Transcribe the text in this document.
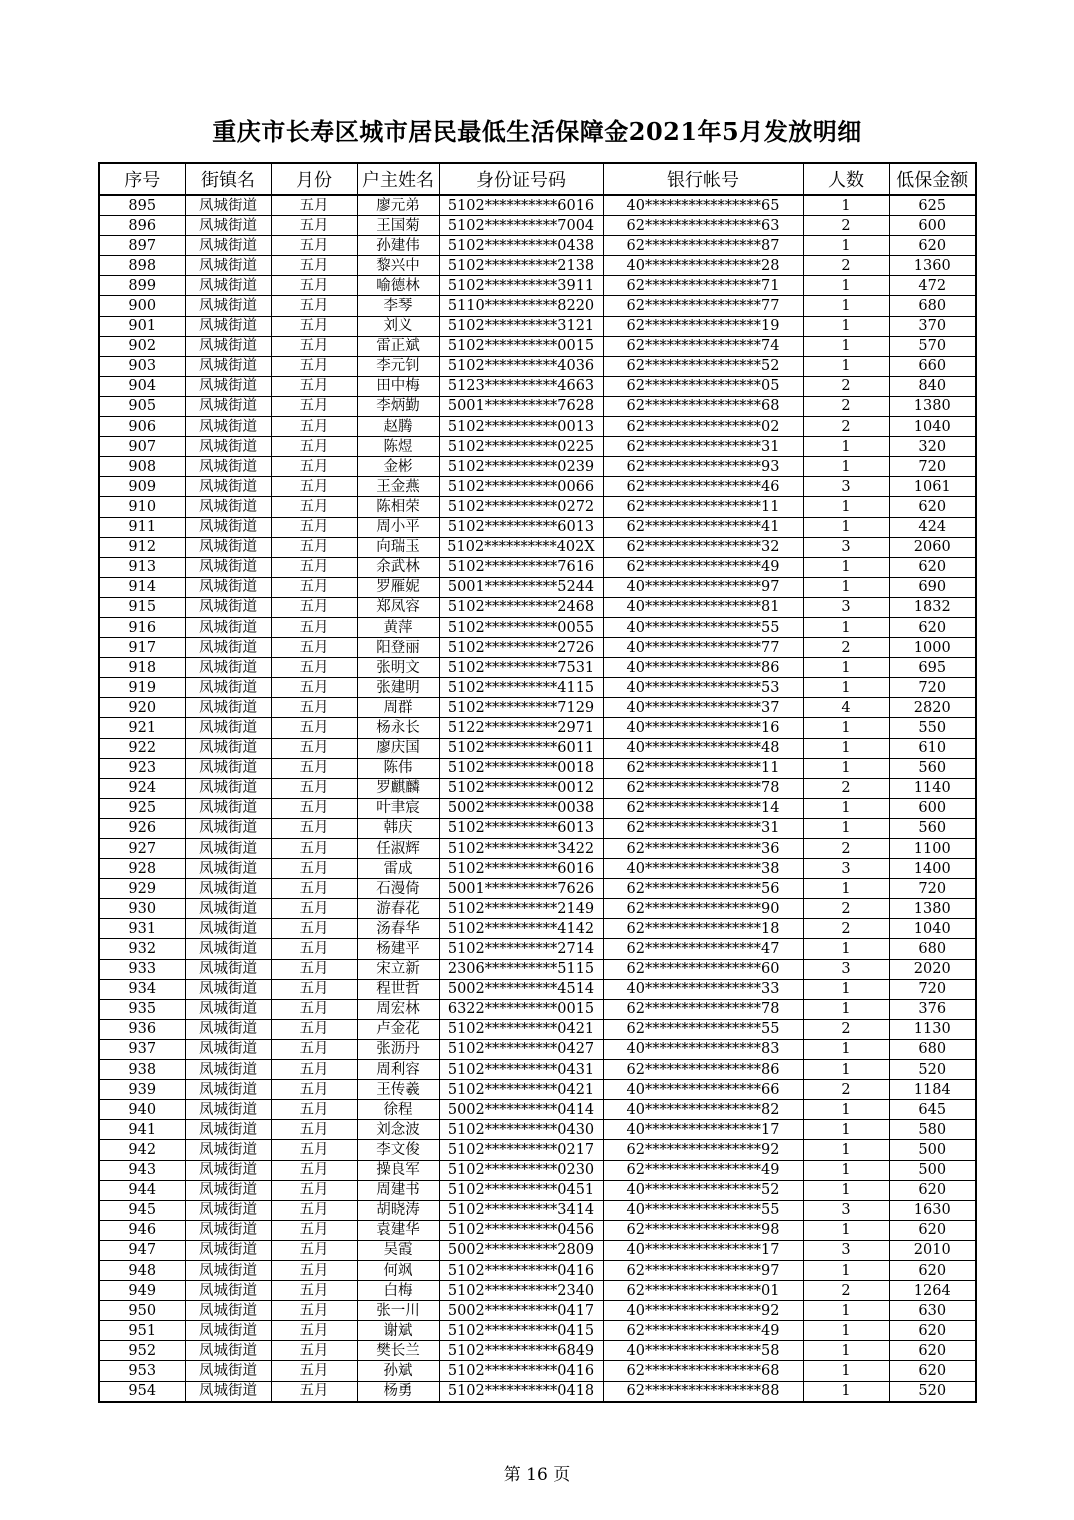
重庆市长寿区城市居民最低生活保障金2021年5月发放明细
序号	街镇名	月份	户主姓名	身份证号码	银行帐号	人数	低保金额
895	凤城街道	五月	廖元弟	5102**********6016	40****************65	1	625
896	凤城街道	五月	王国菊	5102**********7004	62****************63	2	600
897	凤城街道	五月	孙建伟	5102**********0438	62****************87	1	620
898	凤城街道	五月	黎兴中	5102**********2138	40****************28	2	1360
899	凤城街道	五月	喻德林	5102**********3911	62****************71	1	472
900	凤城街道	五月	李琴	5110**********8220	62****************77	1	680
901	凤城街道	五月	刘义	5102**********3121	62****************19	1	370
902	凤城街道	五月	雷正斌	5102**********0015	62****************74	1	570
903	凤城街道	五月	李元钊	5102**********4036	62****************52	1	660
904	凤城街道	五月	田中梅	5123**********4663	62****************05	2	840
905	凤城街道	五月	李炳勤	5001**********7628	62****************68	2	1380
906	凤城街道	五月	赵腾	5102**********0013	62****************02	2	1040
907	凤城街道	五月	陈煜	5102**********0225	62****************31	1	320
908	凤城街道	五月	金彬	5102**********0239	62****************93	1	720
909	凤城街道	五月	王金燕	5102**********0066	62****************46	3	1061
910	凤城街道	五月	陈相荣	5102**********0272	62****************11	1	620
911	凤城街道	五月	周小平	5102**********6013	62****************41	1	424
912	凤城街道	五月	向瑞玉	5102**********402X	62****************32	3	2060
913	凤城街道	五月	余武林	5102**********7616	62****************49	1	620
914	凤城街道	五月	罗雁妮	5001**********5244	40****************97	1	690
915	凤城街道	五月	郑凤容	5102**********2468	40****************81	3	1832
916	凤城街道	五月	黄萍	5102**********0055	40****************55	1	620
917	凤城街道	五月	阳登丽	5102**********2726	40****************77	2	1000
918	凤城街道	五月	张明文	5102**********7531	40****************86	1	695
919	凤城街道	五月	张建明	5102**********4115	40****************53	1	720
920	凤城街道	五月	周群	5102**********7129	40****************37	4	2820
921	凤城街道	五月	杨永长	5122**********2971	40****************16	1	550
922	凤城街道	五月	廖庆国	5102**********6011	40****************48	1	610
923	凤城街道	五月	陈伟	5102**********0018	62****************11	1	560
924	凤城街道	五月	罗麒麟	5102**********0012	62****************78	2	1140
925	凤城街道	五月	叶聿宸	5002**********0038	62****************14	1	600
926	凤城街道	五月	韩庆	5102**********6013	62****************31	1	560
927	凤城街道	五月	任淑辉	5102**********3422	62****************36	2	1100
928	凤城街道	五月	雷成	5102**********6016	40****************38	3	1400
929	凤城街道	五月	石漫倚	5001**********7626	62****************56	1	720
930	凤城街道	五月	游春花	5102**********2149	62****************90	2	1380
931	凤城街道	五月	汤春华	5102**********4142	62****************18	2	1040
932	凤城街道	五月	杨建平	5102**********2714	62****************47	1	680
933	凤城街道	五月	宋立新	2306**********5115	62****************60	3	2020
934	凤城街道	五月	程世哲	5002**********4514	40****************33	1	720
935	凤城街道	五月	周宏林	6322**********0015	62****************78	1	376
936	凤城街道	五月	卢金花	5102**********0421	62****************55	2	1130
937	凤城街道	五月	张沥丹	5102**********0427	40****************83	1	680
938	凤城街道	五月	周利容	5102**********0431	62****************86	1	520
939	凤城街道	五月	王传羲	5102**********0421	40****************66	2	1184
940	凤城街道	五月	徐程	5002**********0414	40****************82	1	645
941	凤城街道	五月	刘念波	5102**********0430	40****************17	1	580
942	凤城街道	五月	李文俊	5102**********0217	62****************92	1	500
943	凤城街道	五月	操良军	5102**********0230	62****************49	1	500
944	凤城街道	五月	周建书	5102**********0451	40****************52	1	620
945	凤城街道	五月	胡晓涛	5102**********3414	40****************55	3	1630
946	凤城街道	五月	袁建华	5102**********0456	62****************98	1	620
947	凤城街道	五月	吴霞	5002**********2809	40****************17	3	2010
948	凤城街道	五月	何飒	5102**********0416	62****************97	1	620
949	凤城街道	五月	白梅	5102**********2340	62****************01	2	1264
950	凤城街道	五月	张一川	5002**********0417	40****************92	1	630
951	凤城街道	五月	谢斌	5102**********0415	62****************49	1	620
952	凤城街道	五月	樊长兰	5102**********6849	40****************58	1	620
953	凤城街道	五月	孙斌	5102**********0416	62****************68	1	620
954	凤城街道	五月	杨勇	5102**********0418	62****************88	1	520
第 16 页
